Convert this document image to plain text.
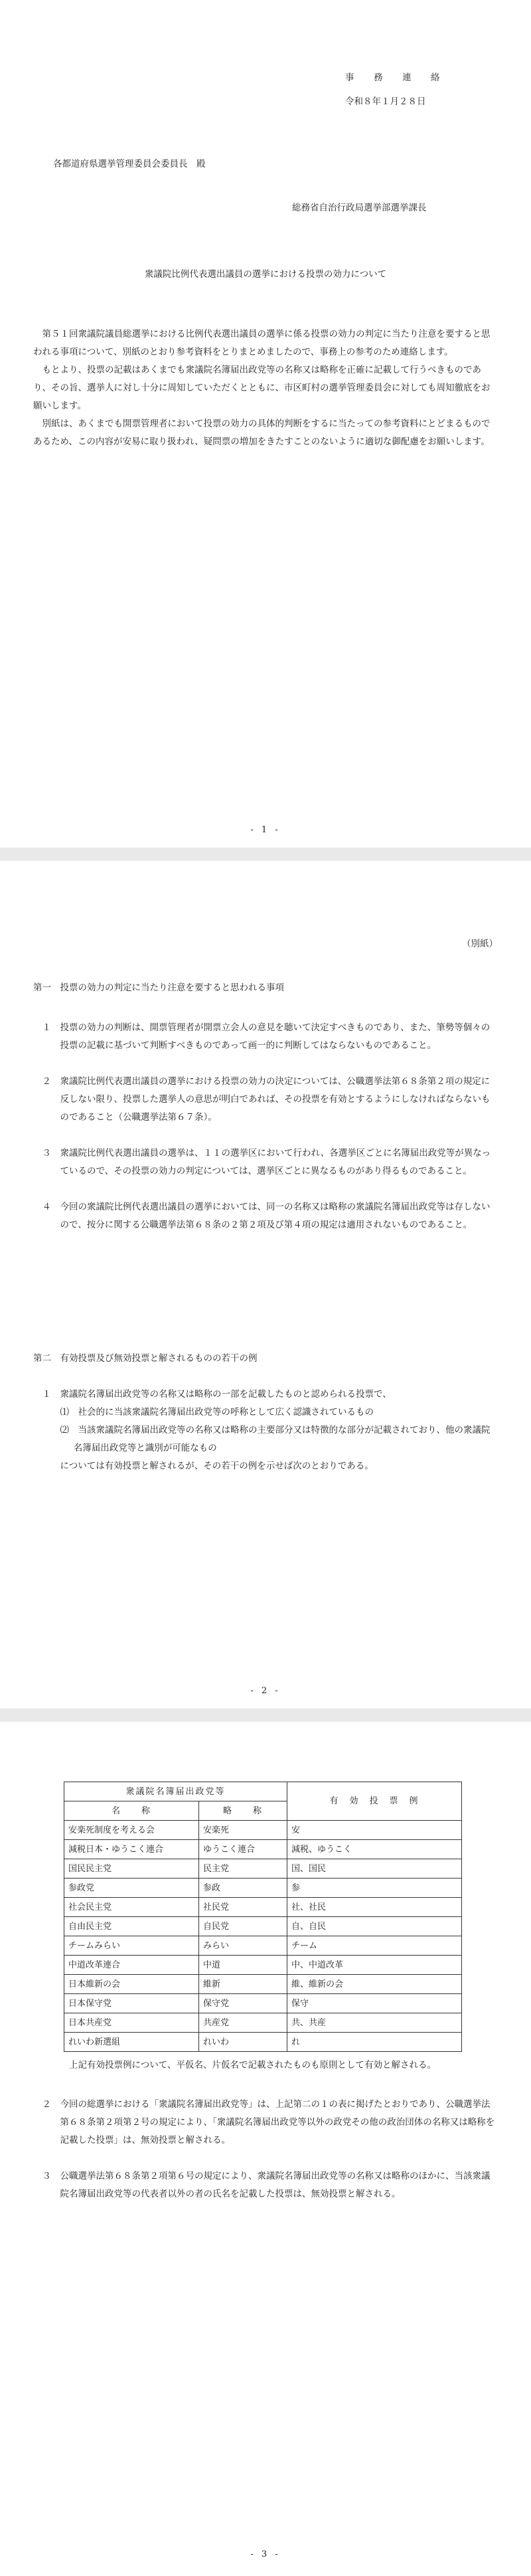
事　務　連　絡
令和８年１月２８日
各都道府県選挙管理委員会委員長　殿
総務省自治行政局選挙部選挙課長
衆議院比例代表選出議員の選挙における投票の効力について

第５１回衆議院議員総選挙における比例代表選出議員の選挙に係る投票の効力の判定に当たり注意を要すると思われる事項について、別紙のとおり参考資料をとりまとめましたので、事務上の参考のため連絡します。

もとより、投票の記載はあくまでも衆議院名簿届出政党等の名称又は略称を正確に記載して行うべきものであり、その旨、選挙人に対し十分に周知していただくとともに、市区町村の選挙管理委員会に対しても周知徹底をお願いします。

別紙は、あくまでも開票管理者において投票の効力の具体的判断をするに当たっての参考資料にとどまるものであるため、この内容が安易に取り扱われ、疑問票の増加をきたすことのないように適切な御配慮をお願いします。

- 1 -
（別紙）
第一　投票の効力の判定に当たり注意を要すると思われる事項

１　投票の効力の判断は、開票管理者が開票立会人の意見を聴いて決定すべきものであり、また、筆勢等個々の投票の記載に基づいて判断すべきものであって画一的に判断してはならないものであること。

２　衆議院比例代表選出議員の選挙における投票の効力の決定については、公職選挙法第６８条第２項の規定に反しない限り、投票した選挙人の意思が明白であれば、その投票を有効とするようにしなければならないものであること（公職選挙法第６７条）。

３　衆議院比例代表選出議員の選挙は、１１の選挙区において行われ、各選挙区ごとに名簿届出政党等が異なっているので、その投票の効力の判定については、選挙区ごとに異なるものがあり得るものであること。

４　今回の衆議院比例代表選出議員の選挙においては、同一の名称又は略称の衆議院名簿届出政党等は存しないので、按分に関する公職選挙法第６８条の２第２項及び第４項の規定は適用されないものであること。

第二　有効投票及び無効投票と解されるものの若干の例

１　衆議院名簿届出政党等の名称又は略称の一部を記載したものと認められる投票で、

⑴　社会的に当該衆議院名簿届出政党等の呼称として広く認識されているもの

⑵　当該衆議院名簿届出政党等の名称又は略称の主要部分又は特徴的な部分が記載されており、他の衆議院名簿届出政党等と識別が可能なもの

については有効投票と解されるが、その若干の例を示せば次のとおりである。

- 2 -
衆議院名簿届出政党等		有　効　投　票　例
名　　称	略　　称	
安楽死制度を考える会	安楽死	安
減税日本・ゆうこく連合	ゆうこく連合	減税、ゆうこく
国民民主党	民主党	国、国民
参政党	参政	参
社会民主党	社民党	社、社民
自由民主党	自民党	自、自民
チームみらい	みらい	チーム
中道改革連合	中道	中、中道改革
日本維新の会	維新	維、維新の会
日本保守党	保守党	保守
日本共産党	共産党	共、共産
れいわ新選組	れいわ	れ

上記有効投票例について、平仮名、片仮名で記載されたものも原則として有効と解される。

２　今回の総選挙における「衆議院名簿届出政党等」は、上記第二の１の表に掲げたとおりであり、公職選挙法第６８条第２項第２号の規定により、「衆議院名簿届出政党等以外の政党その他の政治団体の名称又は略称を記載した投票」は、無効投票と解される。

３　公職選挙法第６８条第２項第６号の規定により、衆議院名簿届出政党等の名称又は略称のほかに、当該衆議院名簿届出政党等の代表者以外の者の氏名を記載した投票は、無効投票と解される。

- 3 -
